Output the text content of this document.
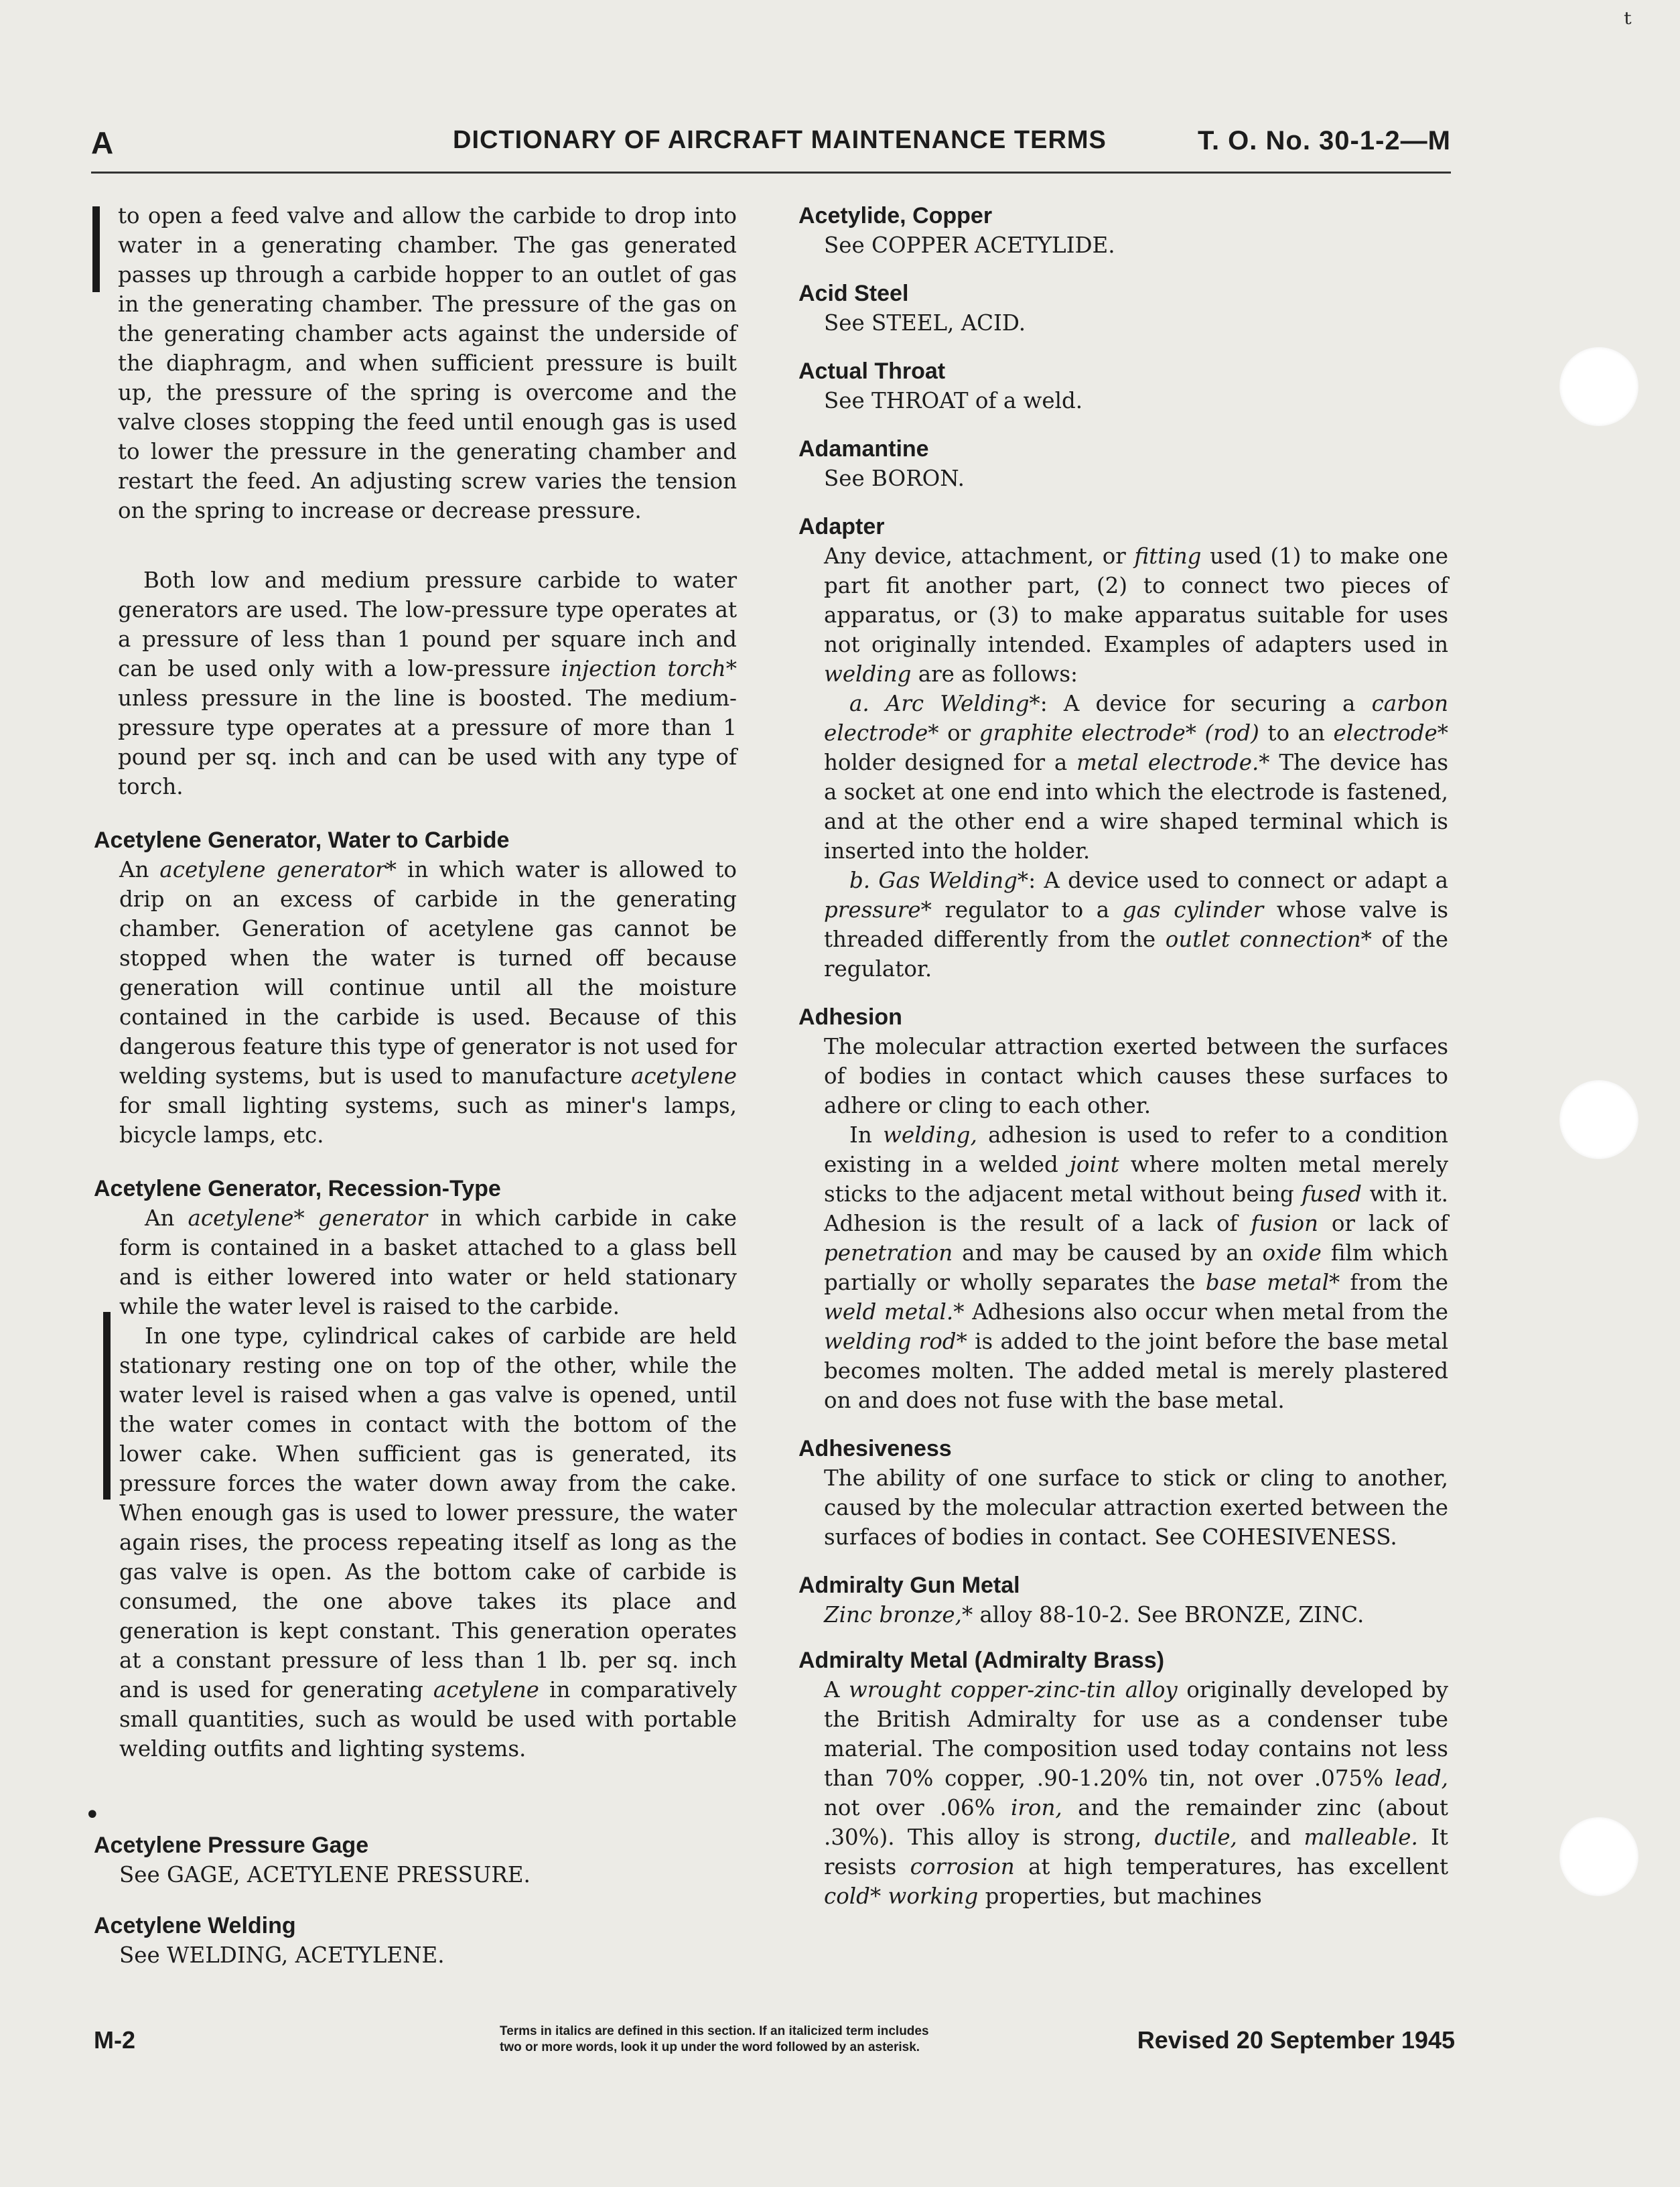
ᵗ
A	DICTIONARY OF AIRCRAFT MAINTENANCE TERMS	T. O. No. 30-1-2—M
•

to open a feed valve and allow the carbide to drop into water in a generating chamber. The gas generated passes up through a carbide hopper to an outlet of gas in the generating chamber. The pressure of the gas on the generating chamber acts against the underside of the diaphragm, and when sufficient pressure is built up, the pressure of the spring is overcome and the valve closes stopping the feed until enough gas is used to lower the pressure in the generating chamber and restart the feed. An adjusting screw varies the tension on the spring to increase or decrease pressure.

Both low and medium pressure carbide to water generators are used. The low-pressure type operates at a pressure of less than 1 pound per square inch and can be used only with a low-pressure injection torch* unless pressure in the line is boosted. The medium-pressure type operates at a pressure of more than 1 pound per sq. inch and can be used with any type of torch.

Acetylene Generator, Water to Carbide

An acetylene generator* in which water is allowed to drip on an excess of carbide in the generating chamber. Generation of acetylene gas cannot be stopped when the water is turned off because generation will continue until all the moisture contained in the carbide is used. Because of this dangerous feature this type of generator is not used for welding systems, but is used to manufacture acetylene for small lighting systems, such as miner's lamps, bicycle lamps, etc.

Acetylene Generator, Recession-Type

An acetylene* generator in which carbide in cake form is contained in a basket attached to a glass bell and is either lowered into water or held stationary while the water level is raised to the carbide.

In one type, cylindrical cakes of carbide are held stationary resting one on top of the other, while the water level is raised when a gas valve is opened, until the water comes in contact with the bottom of the lower cake. When sufficient gas is generated, its pressure forces the water down away from the cake. When enough gas is used to lower pressure, the water again rises, the process repeating itself as long as the gas valve is open. As the bottom cake of carbide is consumed, the one above takes its place and generation is kept constant. This generation operates at a constant pressure of less than 1 lb. per sq. inch and is used for generating acetylene in comparatively small quantities, such as would be used with portable welding outfits and lighting systems.

Acetylene Pressure Gage

See GAGE, ACETYLENE PRESSURE.

Acetylene Welding

See WELDING, ACETYLENE.

Acetylide, Copper

See COPPER ACETYLIDE.

Acid Steel

See STEEL, ACID.

Actual Throat

See THROAT of a weld.

Adamantine

See BORON.

Adapter

Any device, attachment, or fitting used (1) to make one part fit another part, (2) to connect two pieces of apparatus, or (3) to make apparatus suitable for uses not originally intended. Examples of adapters used in welding are as follows:

a. Arc Welding*: A device for securing a carbon electrode* or graphite electrode* (rod) to an electrode* holder designed for a metal electrode.* The device has a socket at one end into which the electrode is fastened, and at the other end a wire shaped terminal which is inserted into the holder.

b. Gas Welding*: A device used to connect or adapt a pressure* regulator to a gas cylinder whose valve is threaded differently from the outlet connection* of the regulator.

Adhesion

The molecular attraction exerted between the surfaces of bodies in contact which causes these surfaces to adhere or cling to each other.

In welding, adhesion is used to refer to a condition existing in a welded joint where molten metal merely sticks to the adjacent metal without being fused with it. Adhesion is the result of a lack of fusion or lack of penetration and may be caused by an oxide film which partially or wholly separates the base metal* from the weld metal.* Adhesions also occur when metal from the welding rod* is added to the joint before the base metal becomes molten. The added metal is merely plastered on and does not fuse with the base metal.

Adhesiveness

The ability of one surface to stick or cling to another, caused by the molecular attraction exerted between the surfaces of bodies in contact. See COHESIVENESS.

Admiralty Gun Metal

Zinc bronze,* alloy 88-10-2. See BRONZE, ZINC.

Admiralty Metal (Admiralty Brass)

A wrought copper-zinc-tin alloy originally developed by the British Admiralty for use as a condenser tube material. The composition used today contains not less than 70% copper, .90-1.20% tin, not over .075% lead, not over .06% iron, and the remainder zinc (about .30%). This alloy is strong, ductile, and malleable. It resists corrosion at high temperatures, has excellent cold* working properties, but machines

M-2	Terms in italics are defined in this section. If an italicized term includes
two or more words, look it up under the word followed by an asterisk.	Revised 20 September 1945
